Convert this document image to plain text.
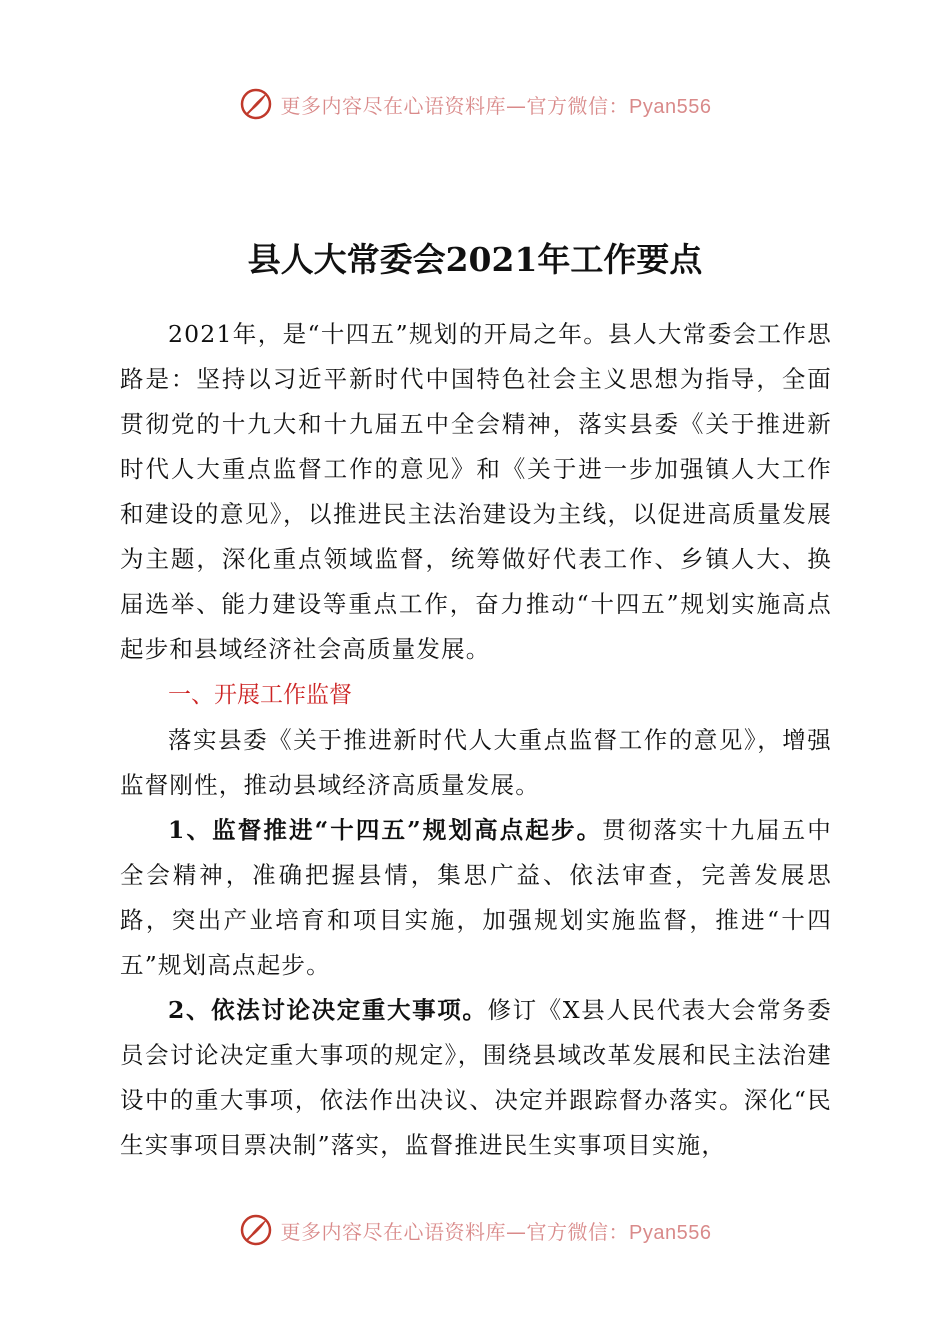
更多内容尽在心语资料库—官方微信：Pyan556
县人大常委会2021年工作要点

2021年，是“十四五”规划的开局之年。县人大常委会工作思路是：坚持以习近平新时代中国特色社会主义思想为指导，全面贯彻党的十九大和十九届五中全会精神，落实县委《关于推进新时代人大重点监督工作的意见》和《关于进一步加强镇人大工作和建设的意见》，以推进民主法治建设为主线，以促进高质量发展为主题，深化重点领域监督，统筹做好代表工作、乡镇人大、换届选举、能力建设等重点工作，奋力推动“十四五”规划实施高点起步和县域经济社会高质量发展。

一、开展工作监督

落实县委《关于推进新时代人大重点监督工作的意见》，增强监督刚性，推动县域经济高质量发展。

1、监督推进“十四五”规划高点起步。贯彻落实十九届五中全会精神，准确把握县情，集思广益、依法审查，完善发展思路，突出产业培育和项目实施，加强规划实施监督，推进“十四五”规划高点起步。

2、依法讨论决定重大事项。修订《X县人民代表大会常务委员会讨论决定重大事项的规定》，围绕县域改革发展和民主法治建设中的重大事项，依法作出决议、决定并跟踪督办落实。深化“民生实事项目票决制”落实，监督推进民生实事项目实施，

更多内容尽在心语资料库—官方微信：Pyan556
